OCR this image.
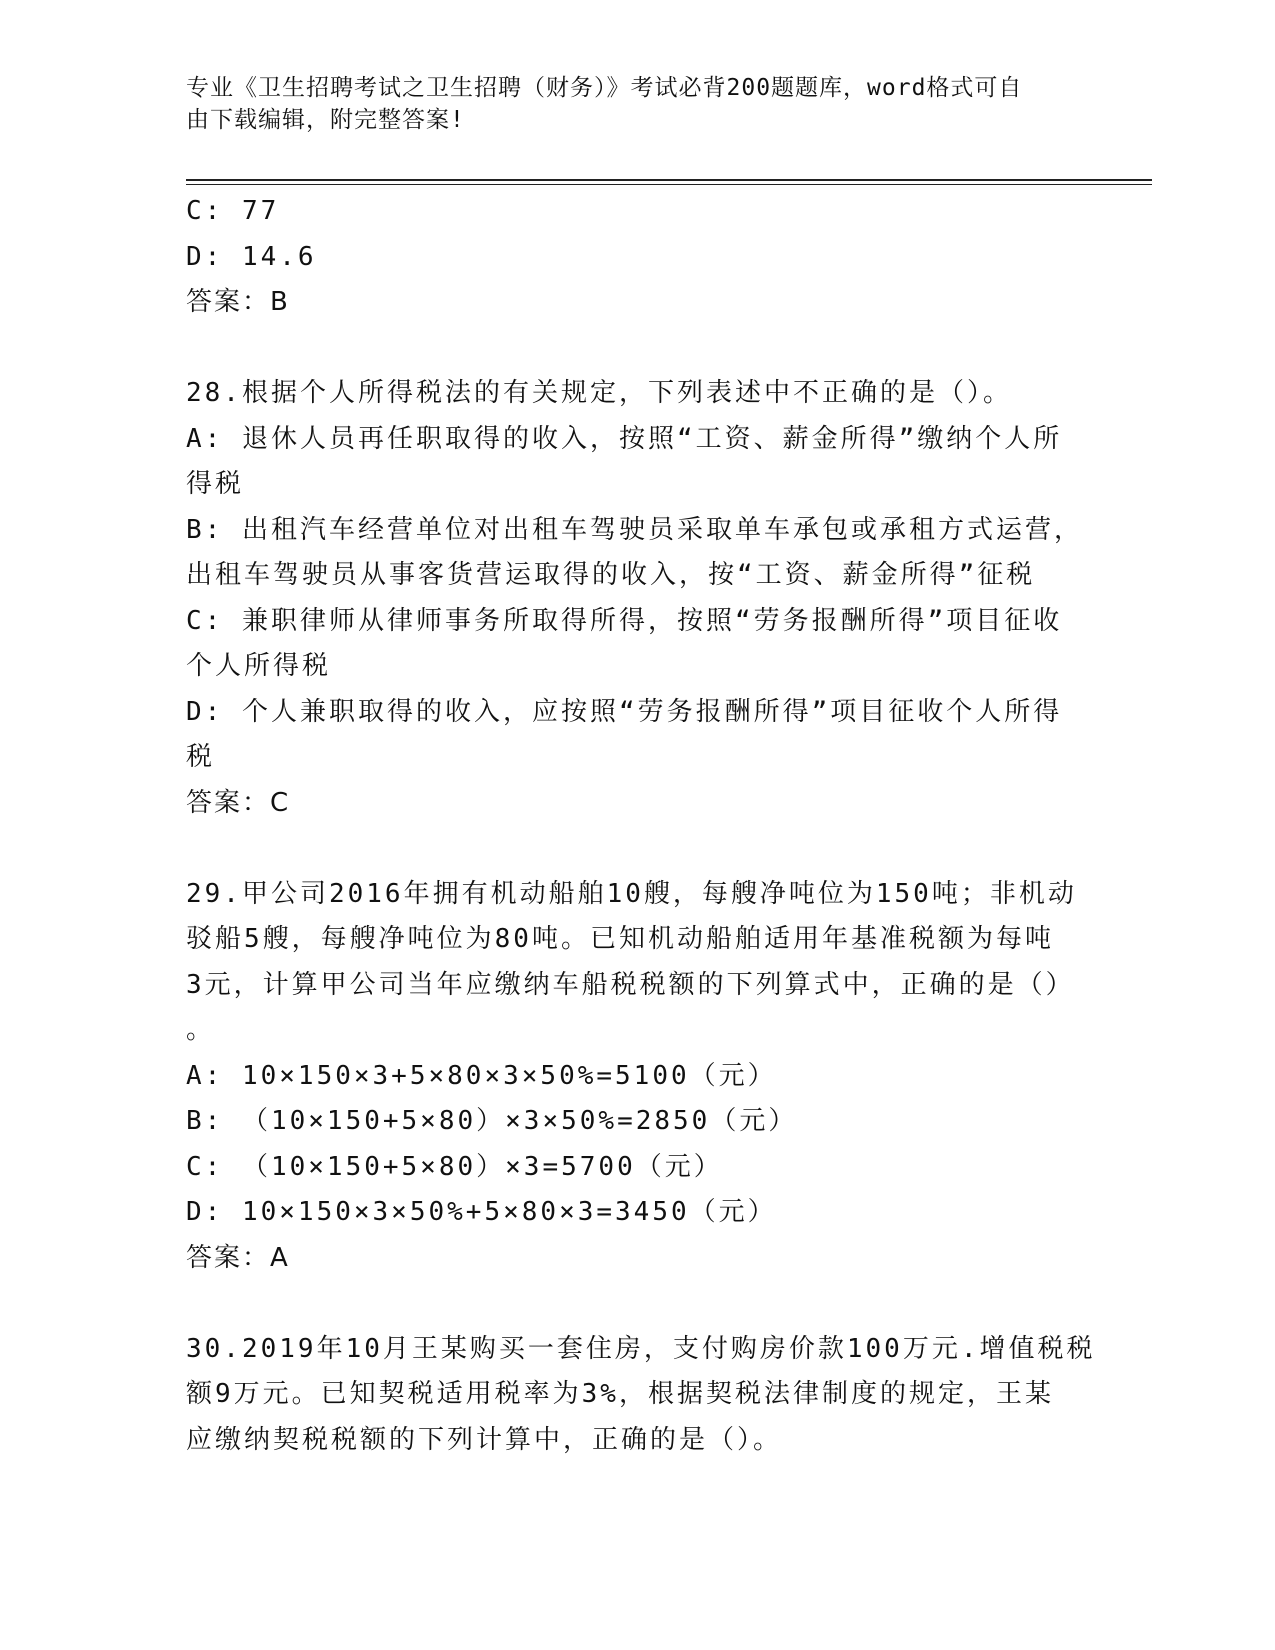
专业《卫生招聘考试之卫生招聘（财务）》考试必背200题题库，word格式可自
由下载编辑，附完整答案!
C: 77
D: 14.6
答案：B
28.根据个人所得税法的有关规定，下列表述中不正确的是（）。
A: 退休人员再任职取得的收入，按照“工资、薪金所得”缴纳个人所
得税
B: 出租汽车经营单位对出租车驾驶员采取单车承包或承租方式运营，
出租车驾驶员从事客货营运取得的收入，按“工资、薪金所得”征税
C: 兼职律师从律师事务所取得所得，按照“劳务报酬所得”项目征收
个人所得税
D: 个人兼职取得的收入，应按照“劳务报酬所得”项目征收个人所得
税
答案：C
29.甲公司2016年拥有机动船舶10艘，每艘净吨位为150吨；非机动
驳船5艘，每艘净吨位为80吨。已知机动船舶适用年基准税额为每吨
3元，计算甲公司当年应缴纳车船税税额的下列算式中，正确的是（）
。
A: 10×150×3+5×80×3×50%=5100（元）
B: （10×150+5×80）×3×50%=2850（元）
C: （10×150+5×80）×3=5700（元）
D: 10×150×3×50%+5×80×3=3450（元）
答案：A
30.2019年10月王某购买一套住房，支付购房价款100万元.增值税税
额9万元。已知契税适用税率为3%，根据契税法律制度的规定，王某
应缴纳契税税额的下列计算中，正确的是（）。
